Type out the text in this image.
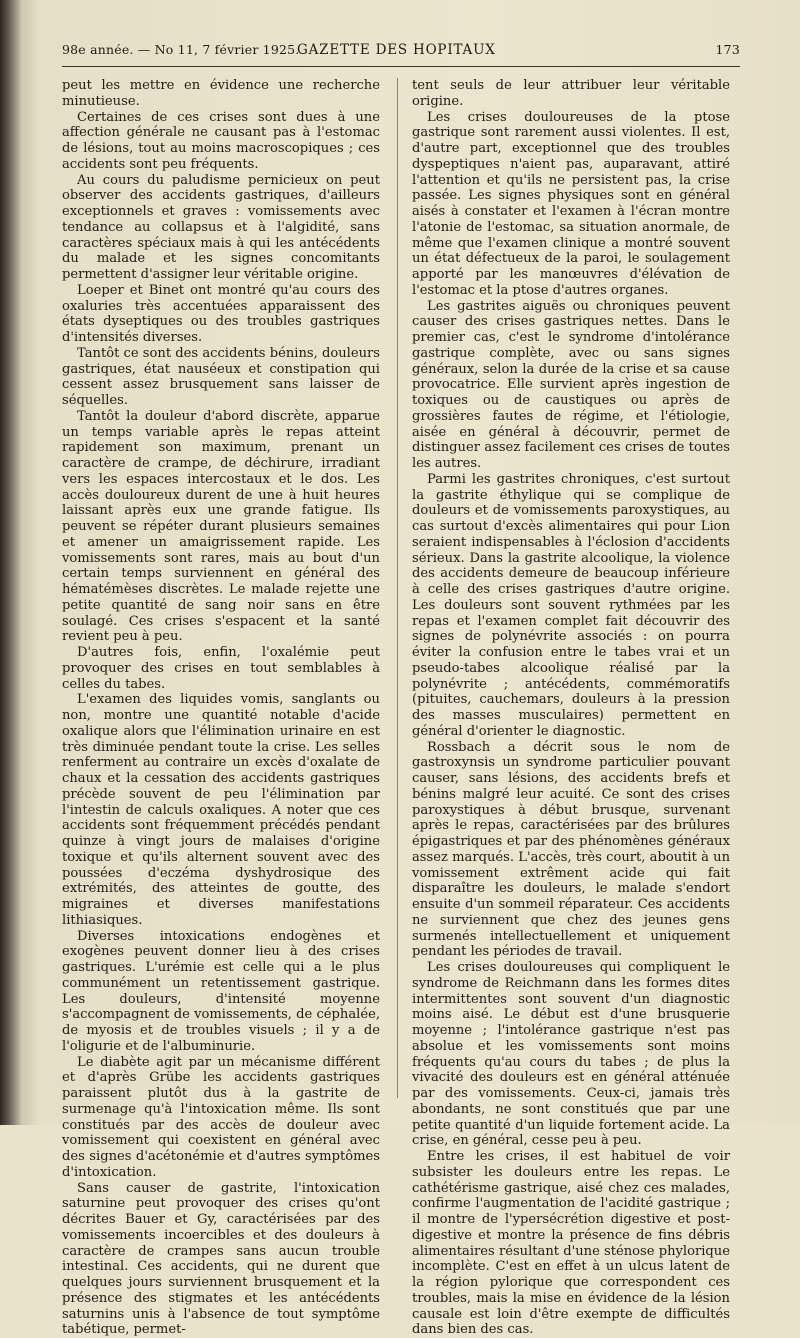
98e année. — No 11, 7 février 1925.
GAZETTE DES HOPITAUX	173

peut les mettre en évidence une recherche minutieuse.

Certaines de ces crises sont dues à une affection générale ne causant pas à l'estomac de lésions, tout au moins macroscopiques ; ces accidents sont peu fréquents.

Au cours du paludisme pernicieux on peut observer des accidents gastriques, d'ailleurs exceptionnels et graves : vomissements avec tendance au collapsus et à l'algidité, sans caractères spéciaux mais à qui les antécédents du malade et les signes concomitants permettent d'assigner leur véritable origine.

Loeper et Binet ont montré qu'au cours des oxaluries très accentuées apparaissent des états dyseptiques ou des troubles gastriques d'intensités diverses.

Tantôt ce sont des accidents bénins, douleurs gastriques, état nauséeux et constipation qui cessent assez brusquement sans laisser de séquelles.

Tantôt la douleur d'abord discrète, apparue un temps variable après le repas atteint rapidement son maximum, prenant un caractère de crampe, de déchirure, irradiant vers les espaces intercostaux et le dos. Les accès douloureux durent de une à huit heures laissant après eux une grande fatigue. Ils peuvent se répéter durant plusieurs semaines et amener un amaigrissement rapide. Les vomissements sont rares, mais au bout d'un certain temps surviennent en général des hématémèses discrètes. Le malade rejette une petite quantité de sang noir sans en être soulagé. Ces crises s'espacent et la santé revient peu à peu.

D'autres fois, enfin, l'oxalémie peut provoquer des crises en tout semblables à celles du tabes.

L'examen des liquides vomis, sanglants ou non, montre une quantité notable d'acide oxalique alors que l'élimination urinaire en est très diminuée pendant toute la crise. Les selles renferment au contraire un excès d'oxalate de chaux et la cessation des accidents gastriques précède souvent de peu l'élimination par l'intestin de calculs oxaliques. A noter que ces accidents sont fréquemment précédés pendant quinze à vingt jours de malaises d'origine toxique et qu'ils alternent souvent avec des poussées d'eczéma dyshydrosique des extrémités, des atteintes de goutte, des migraines et diverses manifestations lithiasiques.

Diverses intoxications endogènes et exogènes peuvent donner lieu à des crises gastriques. L'urémie est celle qui a le plus communément un retentissement gastrique. Les douleurs, d'intensité moyenne s'accompagnent de vomissements, de céphalée, de myosis et de troubles visuels ; il y a de l'oligurie et de l'albuminurie.

Le diabète agit par un mécanisme différent et d'après Grübe les accidents gastriques paraissent plutôt dus à la gastrite de surmenage qu'à l'intoxication même. Ils sont constitués par des accès de douleur avec vomissement qui coexistent en général avec des signes d'acétonémie et d'autres symptômes d'intoxication.

Sans causer de gastrite, l'intoxication saturnine peut provoquer des crises qu'ont décrites Bauer et Gy, caractérisées par des vomissements incoercibles et des douleurs à caractère de crampes sans aucun trouble intestinal. Ces accidents, qui ne durent que quelques jours surviennent brusquement et la présence des stigmates et les antécédents saturnins unis à l'absence de tout symptôme tabétique, permet-

tent seuls de leur attribuer leur véritable origine.

Les crises douloureuses de la ptose gastrique sont rarement aussi violentes. Il est, d'autre part, exceptionnel que des troubles dyspeptiques n'aient pas, auparavant, attiré l'attention et qu'ils ne persistent pas, la crise passée. Les signes physiques sont en général aisés à constater et l'examen à l'écran montre l'atonie de l'estomac, sa situation anormale, de même que l'examen clinique a montré souvent un état défectueux de la paroi, le soulagement apporté par les manœuvres d'élévation de l'estomac et la ptose d'autres organes.

Les gastrites aiguës ou chroniques peuvent causer des crises gastriques nettes. Dans le premier cas, c'est le syndrome d'intolérance gastrique complète, avec ou sans signes généraux, selon la durée de la crise et sa cause provocatrice. Elle survient après ingestion de toxiques ou de caustiques ou après de grossières fautes de régime, et l'étiologie, aisée en général à découvrir, permet de distinguer assez facilement ces crises de toutes les autres.

Parmi les gastrites chroniques, c'est surtout la gastrite éthylique qui se complique de douleurs et de vomissements paroxystiques, au cas surtout d'excès alimentaires qui pour Lion seraient indispensables à l'éclosion d'accidents sérieux. Dans la gastrite alcoolique, la violence des accidents demeure de beaucoup inférieure à celle des crises gastriques d'autre origine. Les douleurs sont souvent rythmées par les repas et l'examen complet fait découvrir des signes de polynévrite associés : on pourra éviter la confusion entre le tabes vrai et un pseudo-tabes alcoolique réalisé par la polynévrite ; antécédents, commémoratifs (pituites, cauchemars, douleurs à la pression des masses musculaires) permettent en général d'orienter le diagnostic.

Rossbach a décrit sous le nom de gastroxynsis un syndrome particulier pouvant causer, sans lésions, des accidents brefs et bénins malgré leur acuité. Ce sont des crises paroxystiques à début brusque, survenant après le repas, caractérisées par des brûlures épigastriques et par des phénomènes généraux assez marqués. L'accès, très court, aboutit à un vomissement extrêment acide qui fait disparaître les douleurs, le malade s'endort ensuite d'un sommeil réparateur. Ces accidents ne surviennent que chez des jeunes gens surmenés intellectuellement et uniquement pendant les périodes de travail.

Les crises douloureuses qui compliquent le syndrome de Reichmann dans les formes dites intermittentes sont souvent d'un diagnostic moins aisé. Le début est d'une brusquerie moyenne ; l'intolérance gastrique n'est pas absolue et les vomissements sont moins fréquents qu'au cours du tabes ; de plus la vivacité des douleurs est en général atténuée par des vomissements. Ceux-ci, jamais très abondants, ne sont constitués que par une petite quantité d'un liquide fortement acide. La crise, en général, cesse peu à peu.

Entre les crises, il est habituel de voir subsister les douleurs entre les repas. Le cathétérisme gastrique, aisé chez ces malades, confirme l'augmentation de l'acidité gastrique ; il montre de l'ypersécrétion digestive et post-digestive et montre la présence de fins débris alimentaires résultant d'une sténose phylorique incomplète. C'est en effet à un ulcus latent de la région pylorique que correspondent ces troubles, mais la mise en évidence de la lésion causale est loin d'être exempte de difficultés dans bien des cas.
